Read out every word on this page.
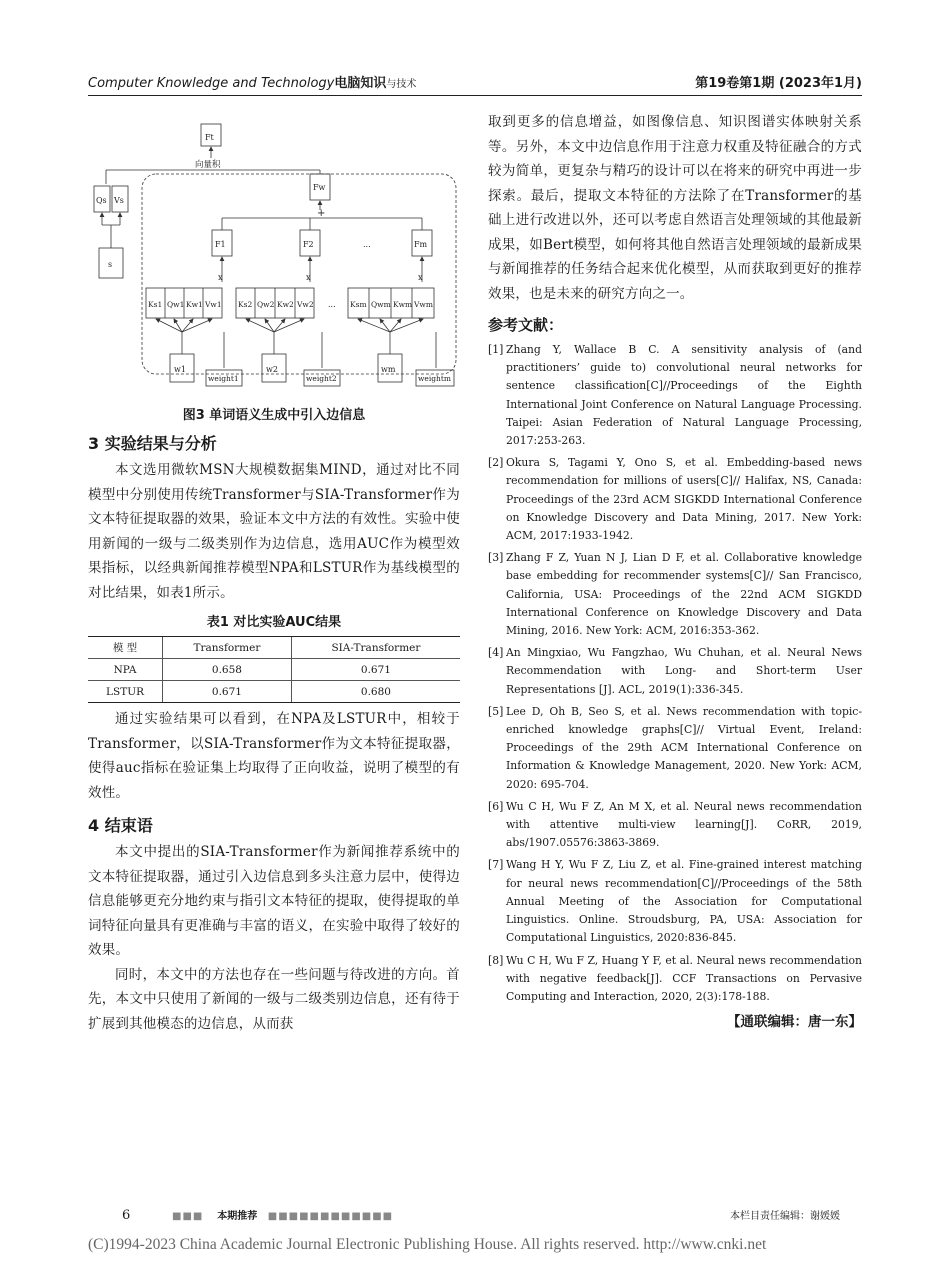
Computer Knowledge and Technology电脑知识与技术	第19卷第1期 (2023年1月)
Ft
向量积
Qs Vs
s
Fw
+
F1	F2	...	Fm
x	x	x
Ks1 Qw1 Kw1 Vw1 Ks2 Qw2 Kw2 Vw2 ... Ksm Qwm Kwm Vwm
w1
weight1
w2
weight2
wm
weightm
图3 单词语义生成中引入边信息
3 实验结果与分析

本文选用微软MSN大规模数据集MIND，通过对比不同模型中分别使用传统Transformer与SIA-Transformer作为文本特征提取器的效果，验证本文中方法的有效性。实验中使用新闻的一级与二级类别作为边信息，选用AUC作为模型效果指标，以经典新闻推荐模型NPA和LSTUR作为基线模型的对比结果，如表1所示。

表1 对比实验AUC结果
模 型	Transformer	SIA-Transformer
NPA	0.658	0.671
LSTUR	0.671	0.680

通过实验结果可以看到，在NPA及LSTUR中，相较于Transformer，以SIA-Transformer作为文本特征提取器，使得auc指标在验证集上均取得了正向收益，说明了模型的有效性。

4 结束语

本文中提出的SIA-Transformer作为新闻推荐系统中的文本特征提取器，通过引入边信息到多头注意力层中，使得边信息能够更充分地约束与指引文本特征的提取，使得提取的单词特征向量具有更准确与丰富的语义，在实验中取得了较好的效果。

同时，本文中的方法也存在一些问题与待改进的方向。首先，本文中只使用了新闻的一级与二级类别边信息，还有待于扩展到其他模态的边信息，从而获

取到更多的信息增益，如图像信息、知识图谱实体映射关系等。另外，本文中边信息作用于注意力权重及特征融合的方式较为简单，更复杂与精巧的设计可以在将来的研究中再进一步探索。最后，提取文本特征的方法除了在Transformer的基础上进行改进以外，还可以考虑自然语言处理领域的其他最新成果，如Bert模型，如何将其他自然语言处理领域的最新成果与新闻推荐的任务结合起来优化模型，从而获取到更好的推荐效果，也是未来的研究方向之一。

参考文献：
[1] Zhang Y, Wallace B C. A sensitivity analysis of (and practitioners’ guide to) convolutional neural networks for sentence classification[C]//Proceedings of the Eighth International Joint Conference on Natural Language Processing. Taipei: Asian Federation of Natural Language Processing, 2017:253-263.
[2] Okura S, Tagami Y, Ono S, et al. Embedding-based news recommendation for millions of users[C]// Halifax, NS, Canada: Proceedings of the 23rd ACM SIGKDD International Conference on Knowledge Discovery and Data Mining, 2017. New York: ACM, 2017:1933-1942.
[3] Zhang F Z, Yuan N J, Lian D F, et al. Collaborative knowledge base embedding for recommender systems[C]// San Francisco, California, USA: Proceedings of the 22nd ACM SIGKDD International Conference on Knowledge Discovery and Data Mining, 2016. New York: ACM, 2016:353-362.
[4] An Mingxiao, Wu Fangzhao, Wu Chuhan, et al. Neural News Recommendation with Long- and Short-term User Representations [J]. ACL, 2019(1):336-345.
[5] Lee D, Oh B, Seo S, et al. News recommendation with topic-enriched knowledge graphs[C]// Virtual Event, Ireland: Proceedings of the 29th ACM International Conference on Information & Knowledge Management, 2020. New York: ACM, 2020: 695-704.
[6] Wu C H, Wu F Z, An M X, et al. Neural news recommendation with attentive multi-view learning[J]. CoRR, 2019, abs/1907.05576:3863-3869.
[7] Wang H Y, Wu F Z, Liu Z, et al. Fine-grained interest matching for neural news recommendation[C]//Proceedings of the 58th Annual Meeting of the Association for Computational Linguistics. Online. Stroudsburg, PA, USA: Association for Computational Linguistics, 2020:836-845.
[8] Wu C H, Wu F Z, Huang Y F, et al. Neural news recommendation with negative feedback[J]. CCF Transactions on Pervasive Computing and Interaction, 2020, 2(3):178-188.
【通联编辑：唐一东】
6	■■■ 本期推荐 ■■■■■■■■■■■■	本栏目责任编辑：谢媛媛
(C)1994-2023 China Academic Journal Electronic Publishing House. All rights reserved. http://www.cnki.net
